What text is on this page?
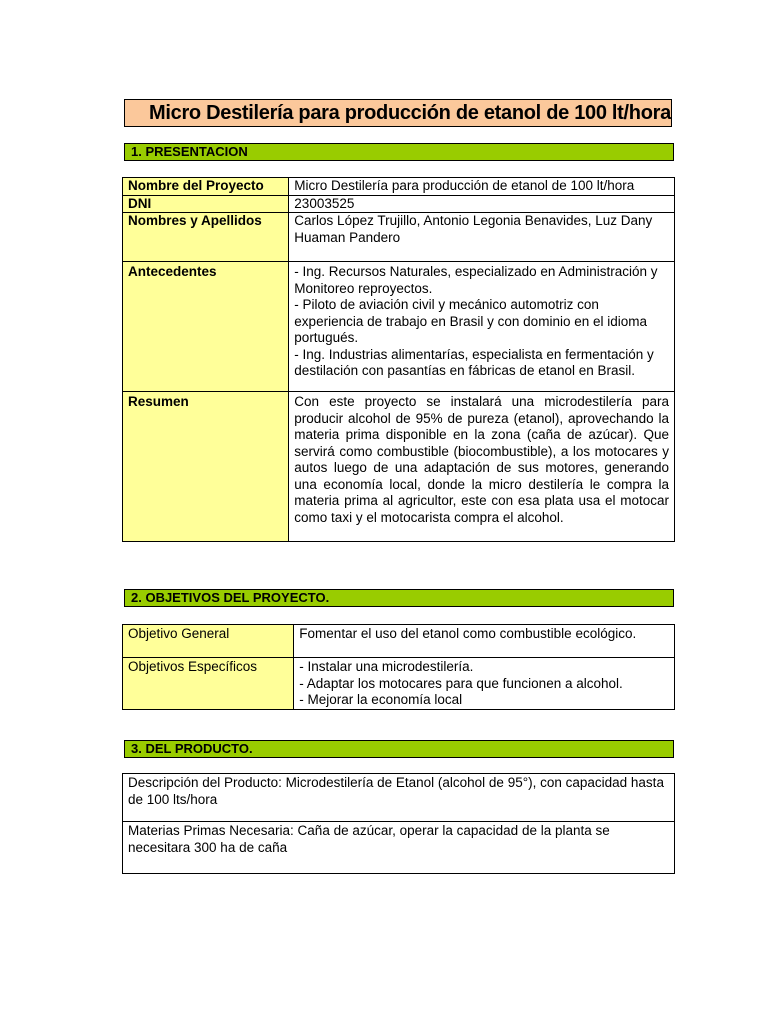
Micro Destilería para producción de etanol de 100 lt/hora
1. PRESENTACION
Nombre del Proyecto	Micro Destilería para producción de etanol de 100 lt/hora
DNI	23003525
Nombres y Apellidos	Carlos López Trujillo, Antonio Legonia Benavides, Luz Dany Huaman Pandero
Antecedentes	- Ing. Recursos Naturales, especializado en Administración y Monitoreo reproyectos.
- Piloto de aviación civil y mecánico automotriz con experiencia de trabajo en Brasil y con dominio en el idioma portugués.
- Ing. Industrias alimentarías, especialista en fermentación y destilación con pasantías en fábricas de etanol en Brasil.

Resumen	Con este proyecto se instalará una microdestilería para producir alcohol de 95% de pureza (etanol), aprovechando la materia prima disponible en la zona (caña de azúcar). Que servirá como combustible (biocombustible), a los motocares y autos luego de una adaptación de sus motores, generando una economía local, donde la micro destilería le compra la materia prima al agricultor, este con esa plata usa el motocar como taxi y el motocarista compra el alcohol.
2. OBJETIVOS DEL PROYECTO.
Objetivo General	Fomentar el uso del etanol como combustible ecológico.
Objetivos Específicos	- Instalar una microdestilería.
- Adaptar los motocares para que funcionen a alcohol.
- Mejorar la economía local
3. DEL PRODUCTO.
Descripción del Producto: Microdestilería de Etanol (alcohol de 95°), con capacidad hasta de 100 lts/hora
Materias Primas Necesaria: Caña de azúcar, operar la capacidad de la planta se necesitara 300 ha de caña
